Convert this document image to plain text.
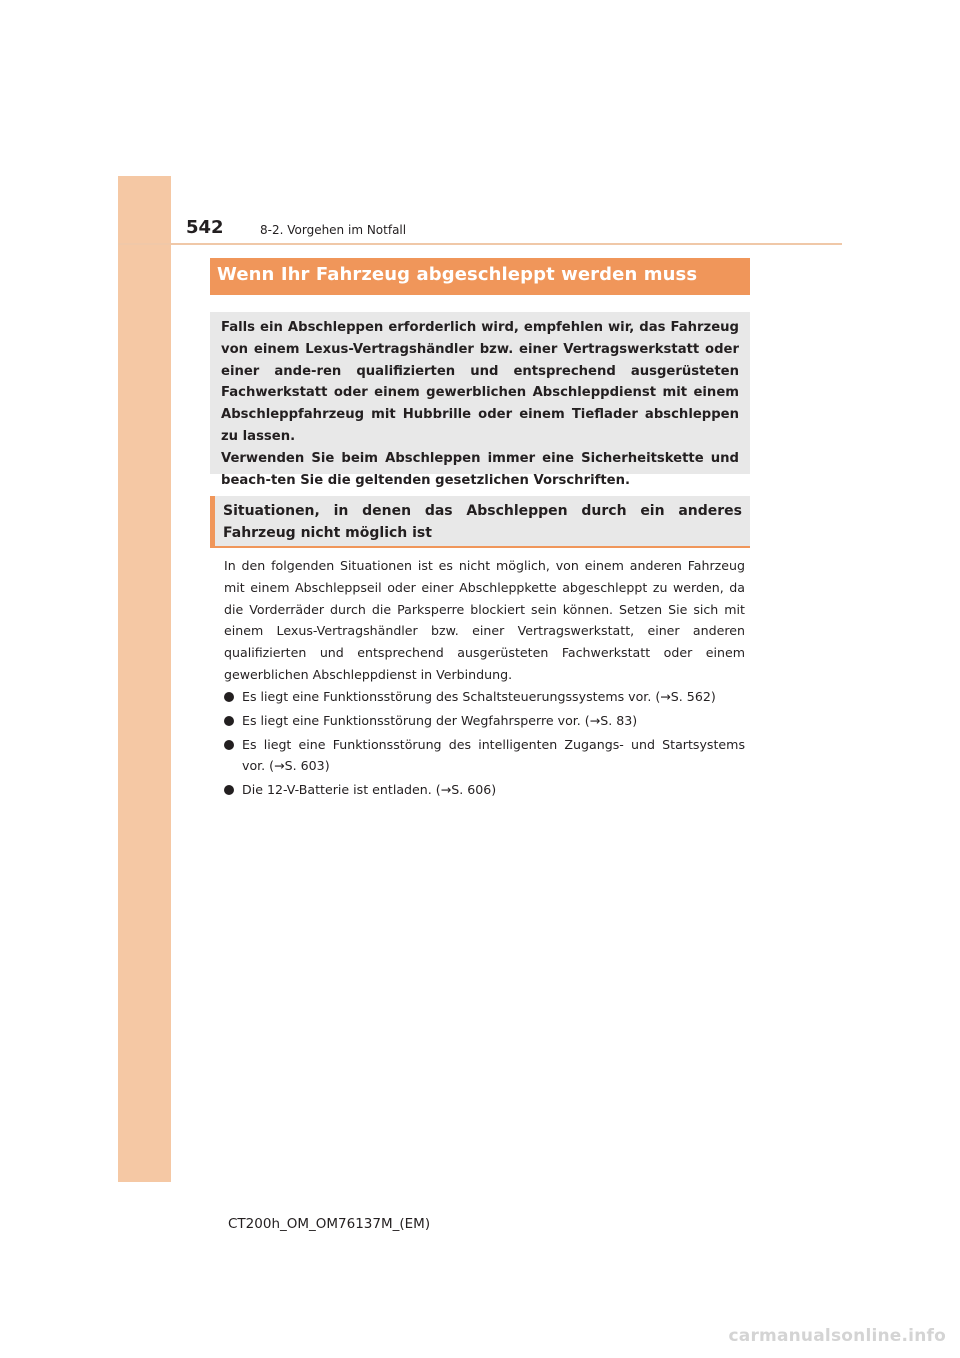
542	8-2. Vorgehen im Notfall
Wenn Ihr Fahrzeug abgeschleppt werden muss

Falls ein Abschleppen erforderlich wird, empfehlen wir, das Fahrzeug von einem Lexus-Vertragshändler bzw. einer Vertragswerkstatt oder einer ande-ren qualifizierten und entsprechend ausgerüsteten Fachwerkstatt oder einem gewerblichen Abschleppdienst mit einem Abschleppfahrzeug mit Hubbrille oder einem Tieflader abschleppen zu lassen.

Verwenden Sie beim Abschleppen immer eine Sicherheitskette und beach-ten Sie die geltenden gesetzlichen Vorschriften.

Situationen, in denen das Abschleppen durch ein anderes Fahrzeug nicht möglich ist

In den folgenden Situationen ist es nicht möglich, von einem anderen Fahrzeug mit einem Abschleppseil oder einer Abschleppkette abgeschleppt zu werden, da die Vorderräder durch die Parksperre blockiert sein können. Setzen Sie sich mit einem Lexus-Vertragshändler bzw. einer Vertragswerkstatt, einer anderen qualifizierten und entsprechend ausgerüsteten Fachwerkstatt oder einem gewerblichen Abschleppdienst in Verbindung.

Es liegt eine Funktionsstörung des Schaltsteuerungssystems vor. (→S. 562)
Es liegt eine Funktionsstörung der Wegfahrsperre vor. (→S. 83)
Es liegt eine Funktionsstörung des intelligenten Zugangs- und Startsystems vor. (→S. 603)
Die 12-V-Batterie ist entladen. (→S. 606)
CT200h_OM_OM76137M_(EM)
carmanualsonline.info
